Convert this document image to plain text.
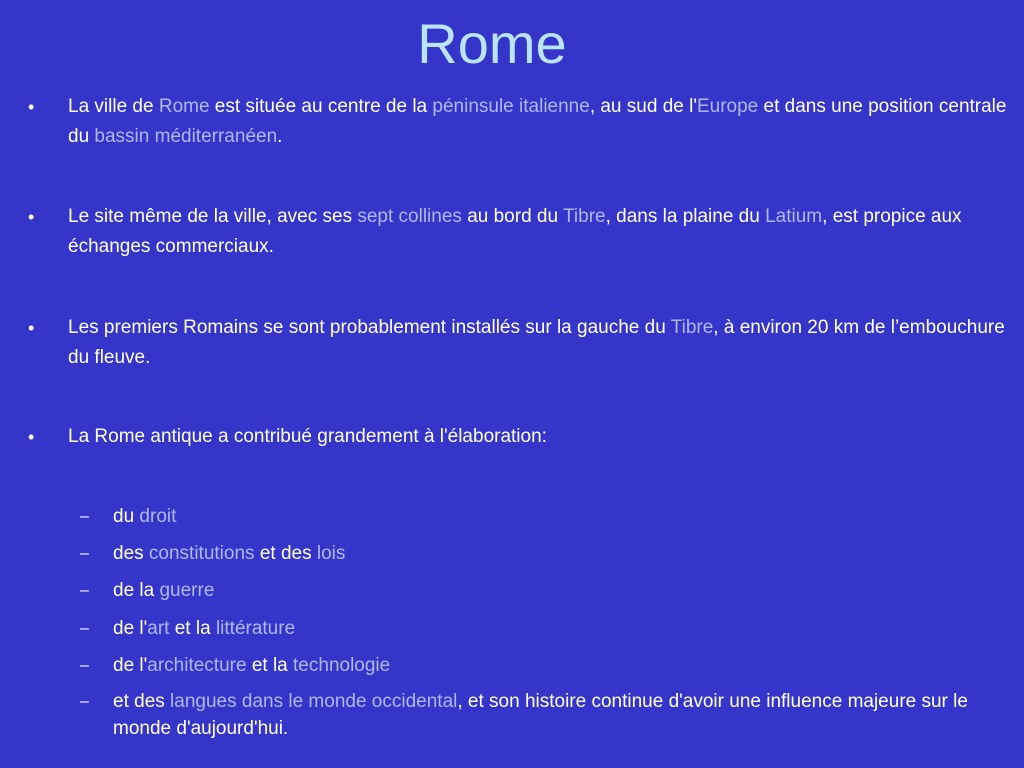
Rome
• La ville de Rome est située au centre de la péninsule italienne, au sud de l'Europe et dans une position centrale du bassin méditerranéen.
• Le site même de la ville, avec ses sept collines au bord du Tibre, dans la plaine du Latium, est propice aux échanges commerciaux.
• Les premiers Romains se sont probablement installés sur la gauche du Tibre, à environ 20 km de l’embouchure du fleuve.
• La Rome antique a contribué grandement à l'élaboration:
– du droit
– des constitutions et des lois
– de la guerre
– de l'art et la littérature
– de l'architecture et la technologie
– et des langues dans le monde occidental, et son histoire continue d'avoir une influence majeure sur le monde d'aujourd'hui.
